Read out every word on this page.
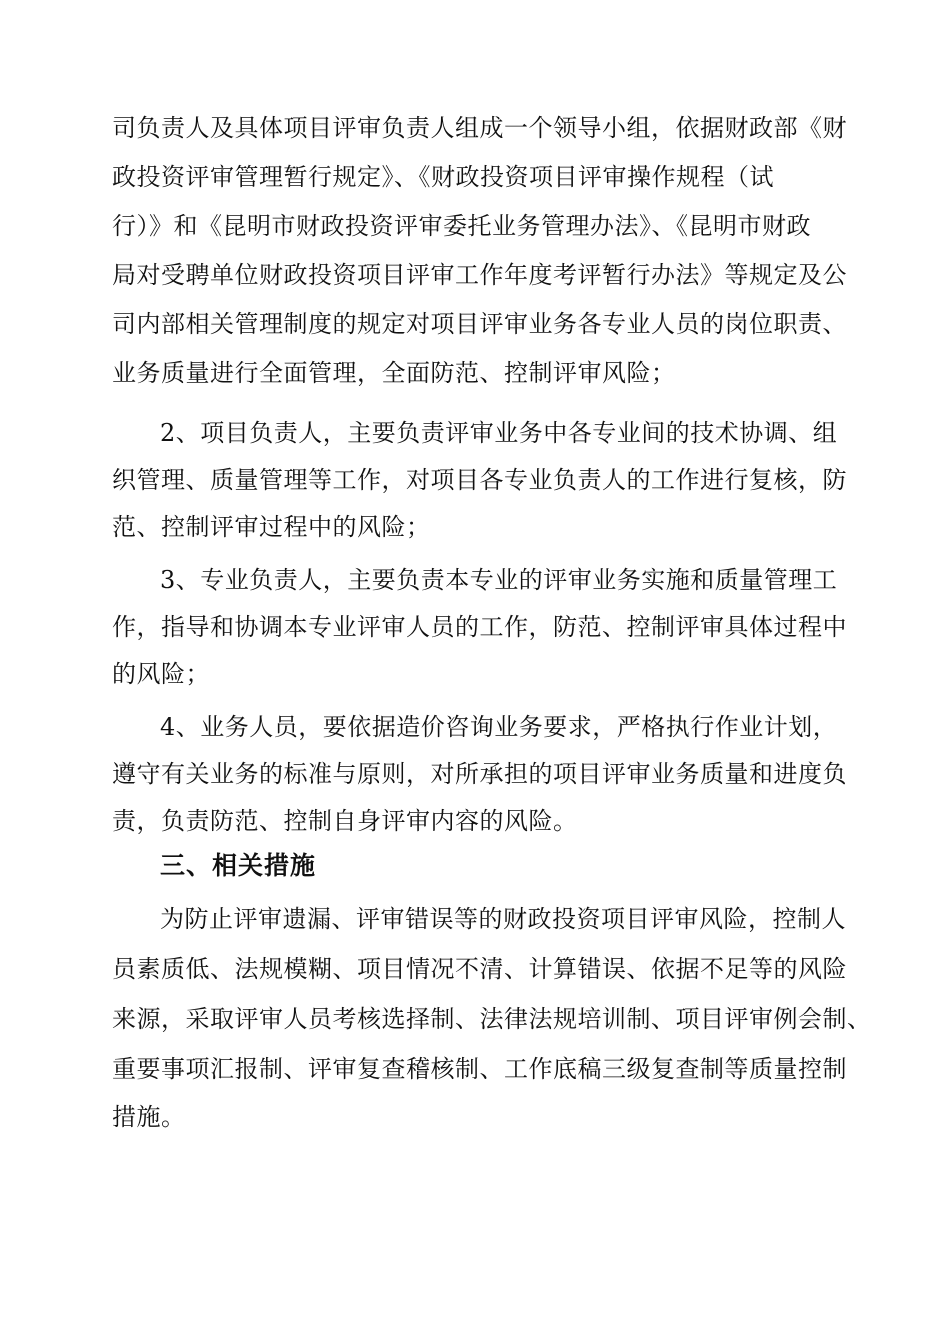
司负责人及具体项目评审负责人组成一个领导小组，依据财政部《财
政投资评审管理暂行规定》、《财政投资项目评审操作规程（试
行）》和《昆明市财政投资评审委托业务管理办法》、《昆明市财政
局对受聘单位财政投资项目评审工作年度考评暂行办法》等规定及公
司内部相关管理制度的规定对项目评审业务各专业人员的岗位职责、
业务质量进行全面管理，全面防范、控制评审风险；
2、项目负责人，主要负责评审业务中各专业间的技术协调、组
织管理、质量管理等工作，对项目各专业负责人的工作进行复核，防
范、控制评审过程中的风险；
3、专业负责人，主要负责本专业的评审业务实施和质量管理工
作，指导和协调本专业评审人员的工作，防范、控制评审具体过程中
的风险；
4、业务人员，要依据造价咨询业务要求，严格执行作业计划，
遵守有关业务的标准与原则，对所承担的项目评审业务质量和进度负
责，负责防范、控制自身评审内容的风险。
三、相关措施
为防止评审遗漏、评审错误等的财政投资项目评审风险，控制人
员素质低、法规模糊、项目情况不清、计算错误、依据不足等的风险
来源，采取评审人员考核选择制、法律法规培训制、项目评审例会制、
重要事项汇报制、评审复查稽核制、工作底稿三级复查制等质量控制
措施。
